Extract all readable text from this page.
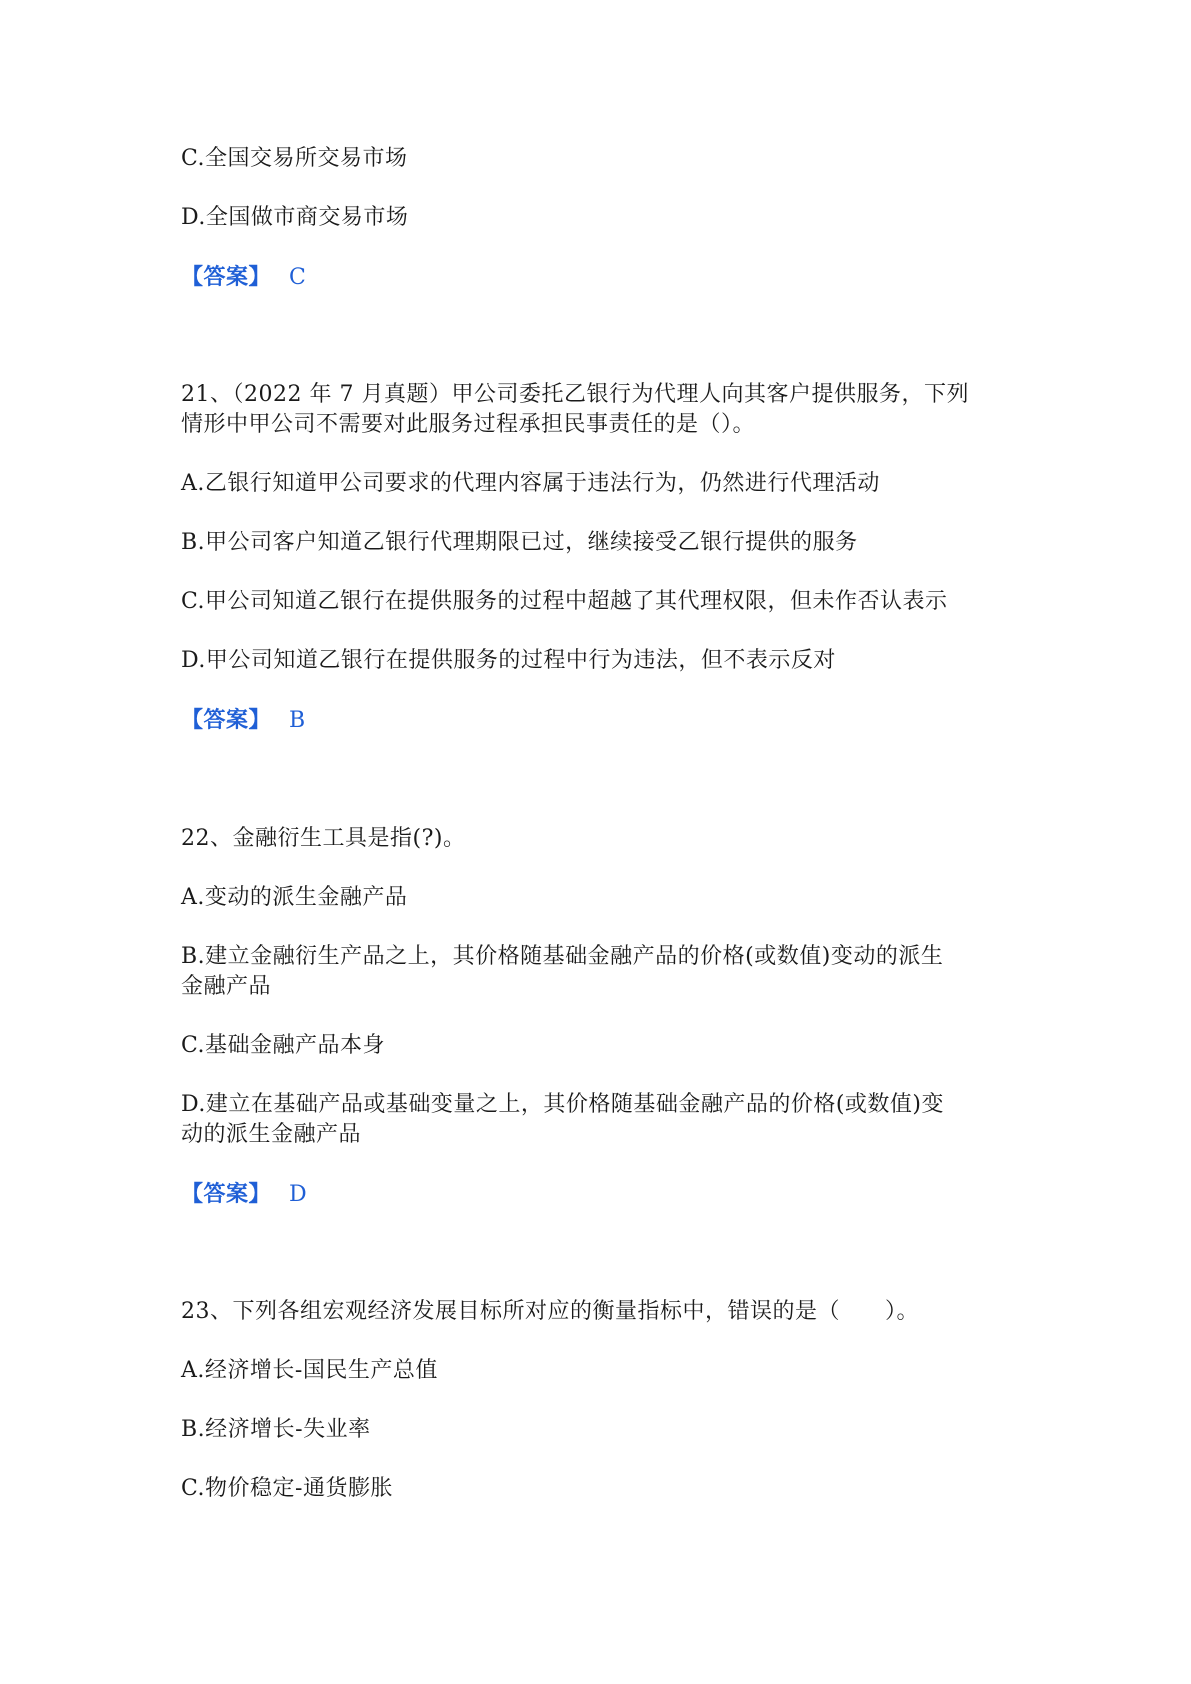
C.全国交易所交易市场
D.全国做市商交易市场
【答案】 C
21、（2022 年 7 月真题）甲公司委托乙银行为代理人向其客户提供服务，下列
情形中甲公司不需要对此服务过程承担民事责任的是（）。
A.乙银行知道甲公司要求的代理内容属于违法行为，仍然进行代理活动
B.甲公司客户知道乙银行代理期限已过，继续接受乙银行提供的服务
C.甲公司知道乙银行在提供服务的过程中超越了其代理权限，但未作否认表示
D.甲公司知道乙银行在提供服务的过程中行为违法，但不表示反对
【答案】 B
22、金融衍生工具是指(?)。
A.变动的派生金融产品
B.建立金融衍生产品之上，其价格随基础金融产品的价格(或数值)变动的派生
金融产品
C.基础金融产品本身
D.建立在基础产品或基础变量之上，其价格随基础金融产品的价格(或数值)变
动的派生金融产品
【答案】 D
23、下列各组宏观经济发展目标所对应的衡量指标中，错误的是（　　）。
A.经济增长-国民生产总值
B.经济增长-失业率
C.物价稳定-通货膨胀
